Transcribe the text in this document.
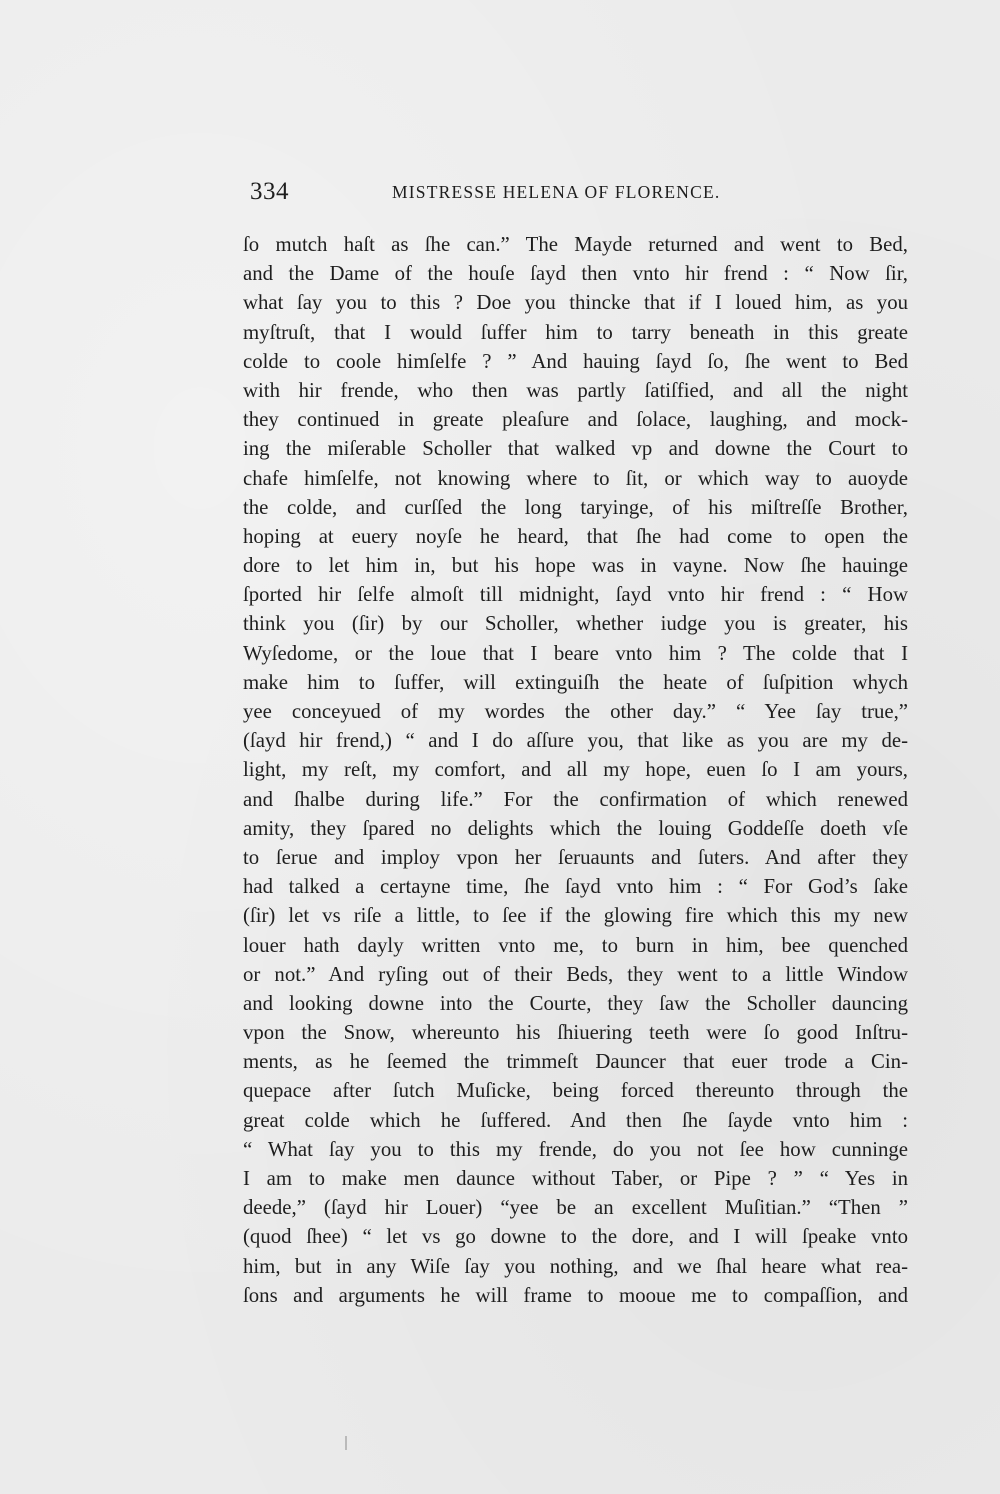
334	MISTRESSE HELENA OF FLORENCE.
ſo mutch haſt as ſhe can.” The Mayde returned and went to Bed,
and the Dame of the houſe ſayd then vnto hir frend : “ Now ſir,
what ſay you to this ? Doe you thincke that if I loued him, as you
myſtruſt, that I would ſuffer him to tarry beneath in this greate
colde to coole himſelfe ? ” And hauing ſayd ſo, ſhe went to Bed
with hir frende, who then was partly ſatiſfied, and all the night
they continued in greate pleaſure and ſolace, laughing, and mock-
ing the miſerable Scholler that walked vp and downe the Court to
chafe himſelfe, not knowing where to ſit, or which way to auoyde
the colde, and curſſed the long taryinge, of his miſtreſſe Brother,
hoping at euery noyſe he heard, that ſhe had come to open the
dore to let him in, but his hope was in vayne. Now ſhe hauinge
ſported hir ſelfe almoſt till midnight, ſayd vnto hir frend : “ How
think you (ſir) by our Scholler, whether iudge you is greater, his
Wyſedome, or the loue that I beare vnto him ? The colde that I
make him to ſuffer, will extinguiſh the heate of ſuſpition whych
yee conceyued of my wordes the other day.” “ Yee ſay true,”
(ſayd hir frend,) “ and I do aſſure you, that like as you are my de-
light, my reſt, my comfort, and all my hope, euen ſo I am yours,
and ſhalbe during life.” For the confirmation of which renewed
amity, they ſpared no delights which the louing Goddeſſe doeth vſe
to ſerue and imploy vpon her ſeruaunts and ſuters. And after they
had talked a certayne time, ſhe ſayd vnto him : “ For God’s ſake
(ſir) let vs riſe a little, to ſee if the glowing fire which this my new
louer hath dayly written vnto me, to burn in him, bee quenched
or not.” And ryſing out of their Beds, they went to a little Window
and looking downe into the Courte, they ſaw the Scholler dauncing
vpon the Snow, whereunto his ſhiuering teeth were ſo good Inſtru-
ments, as he ſeemed the trimmeſt Dauncer that euer trode a Cin-
quepace after ſutch Muſicke, being forced thereunto through the
great colde which he ſuffered. And then ſhe ſayde vnto him :
“ What ſay you to this my frende, do you not ſee how cunninge
I am to make men daunce without Taber, or Pipe ? ” “ Yes in
deede,” (ſayd hir Louer) “yee be an excellent Muſitian.” “Then ”
(quod ſhee) “ let vs go downe to the dore, and I will ſpeake vnto
him, but in any Wiſe ſay you nothing, and we ſhal heare what rea-
ſons and arguments he will frame to mooue me to compaſſion, and
